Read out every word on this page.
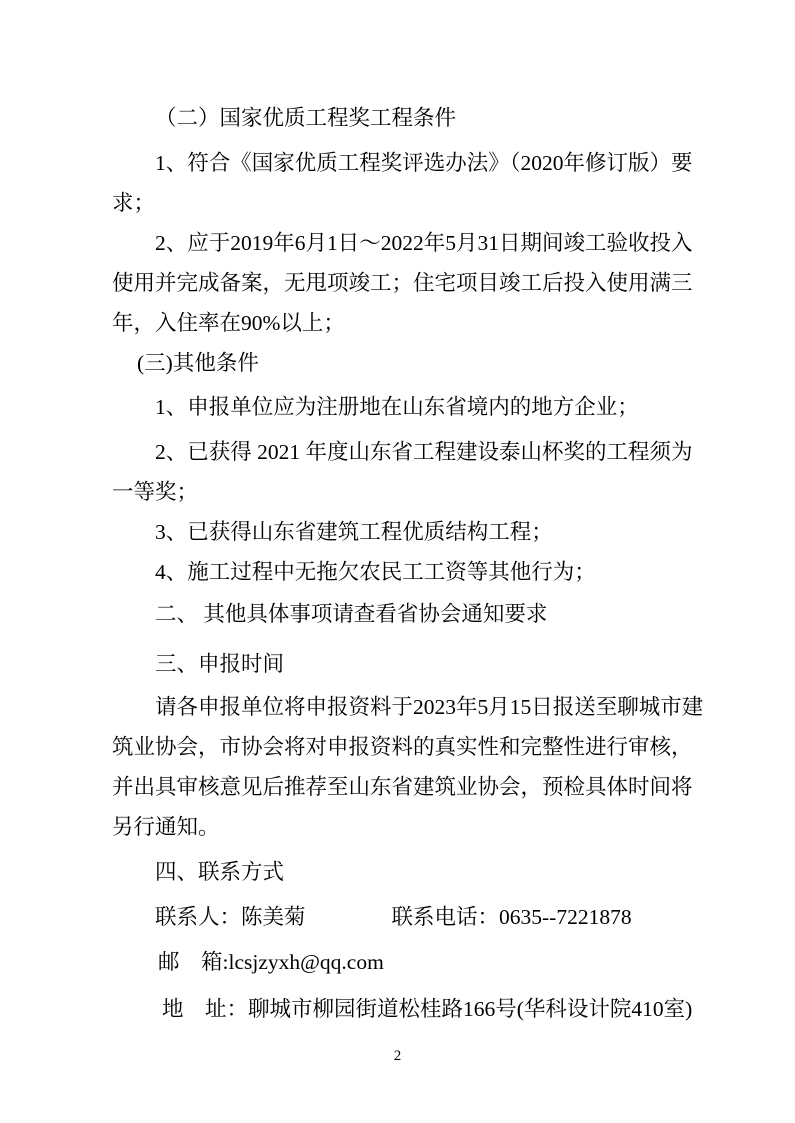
（二）国家优质工程奖工程条件
1、符合《国家优质工程奖评选办法》（2020年修订版）要
求；
2、应于2019年6月1日～2022年5月31日期间竣工验收投入
使用并完成备案，无甩项竣工；住宅项目竣工后投入使用满三
年，入住率在90%以上；
(三)其他条件
1、申报单位应为注册地在山东省境内的地方企业；
2、已获得 2021 年度山东省工程建设泰山杯奖的工程须为
一等奖；
3、已获得山东省建筑工程优质结构工程；
4、施工过程中无拖欠农民工工资等其他行为；
二、 其他具体事项请查看省协会通知要求
三、申报时间
请各申报单位将申报资料于2023年5月15日报送至聊城市建
筑业协会，市协会将对申报资料的真实性和完整性进行审核，
并出具审核意见后推荐至山东省建筑业协会，预检具体时间将
另行通知。
四、联系方式
联系人：陈美菊　　　　联系电话：0635--7221878
邮　箱:lcsjzyxh@qq.com
地　址：聊城市柳园街道松桂路166号(华科设计院410室)
2
